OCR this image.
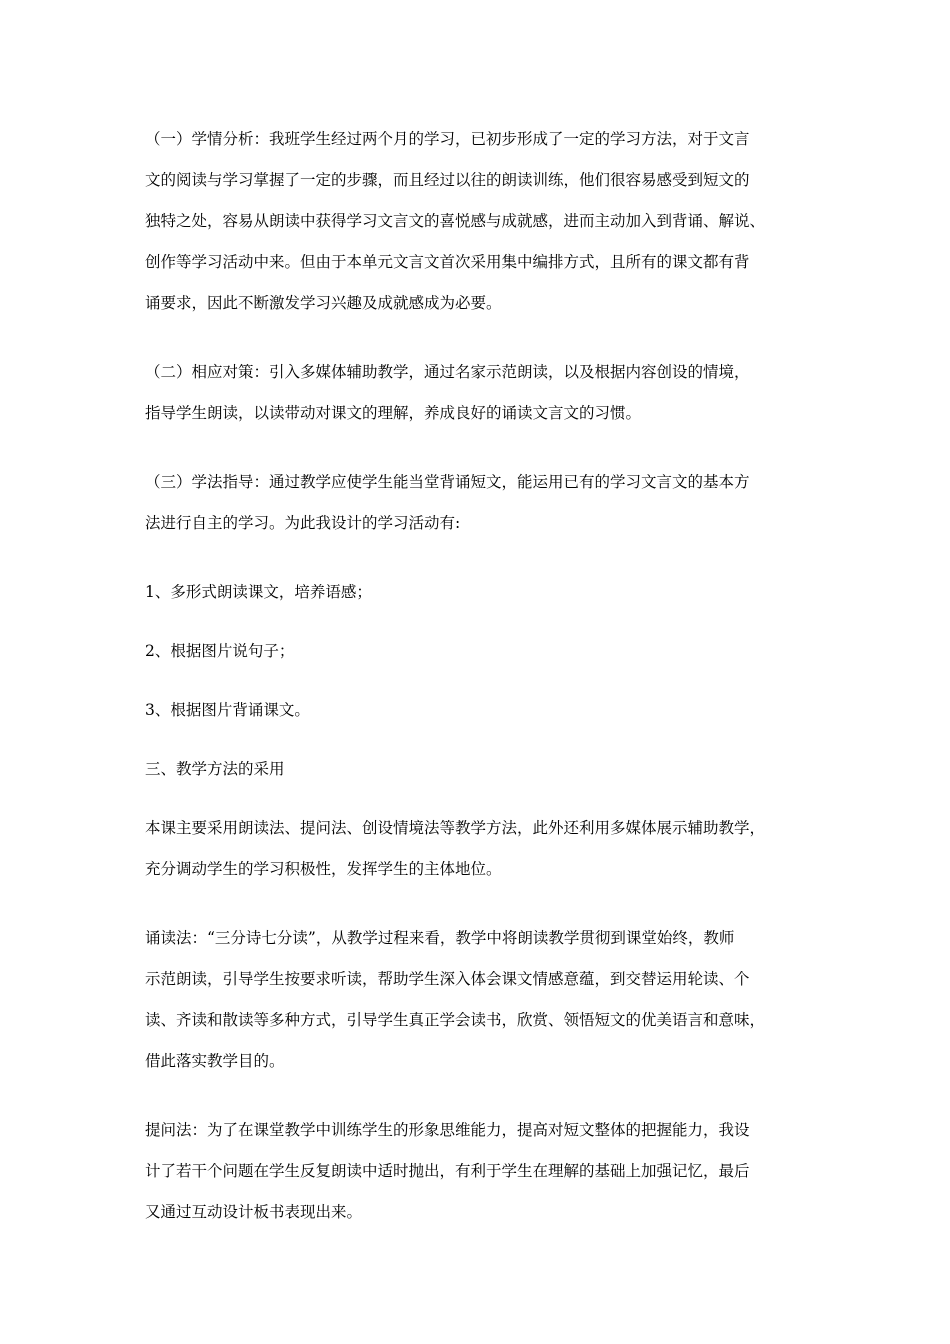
（一）学情分析：我班学生经过两个月的学习，已初步形成了一定的学习方法，对于文言
文的阅读与学习掌握了一定的步骤，而且经过以往的朗读训练，他们很容易感受到短文的
独特之处，容易从朗读中获得学习文言文的喜悦感与成就感，进而主动加入到背诵、解说、
创作等学习活动中来。但由于本单元文言文首次采用集中编排方式，且所有的课文都有背
诵要求，因此不断激发学习兴趣及成就感成为必要。

（二）相应对策：引入多媒体辅助教学，通过名家示范朗读，以及根据内容创设的情境，
指导学生朗读，以读带动对课文的理解，养成良好的诵读文言文的习惯。

（三）学法指导：通过教学应使学生能当堂背诵短文，能运用已有的学习文言文的基本方
法进行自主的学习。为此我设计的学习活动有:

1、多形式朗读课文，培养语感；

2、根据图片说句子；

3、根据图片背诵课文。

三、教学方法的采用

本课主要采用朗读法、提问法、创设情境法等教学方法，此外还利用多媒体展示辅助教学，
充分调动学生的学习积极性，发挥学生的主体地位。

诵读法：“三分诗七分读”，从教学过程来看，教学中将朗读教学贯彻到课堂始终，教师
示范朗读，引导学生按要求听读，帮助学生深入体会课文情感意蕴，到交替运用轮读、个
读、齐读和散读等多种方式，引导学生真正学会读书，欣赏、领悟短文的优美语言和意味，
借此落实教学目的。

提问法：为了在课堂教学中训练学生的形象思维能力，提高对短文整体的把握能力，我设
计了若干个问题在学生反复朗读中适时抛出，有利于学生在理解的基础上加强记忆，最后
又通过互动设计板书表现出来。
